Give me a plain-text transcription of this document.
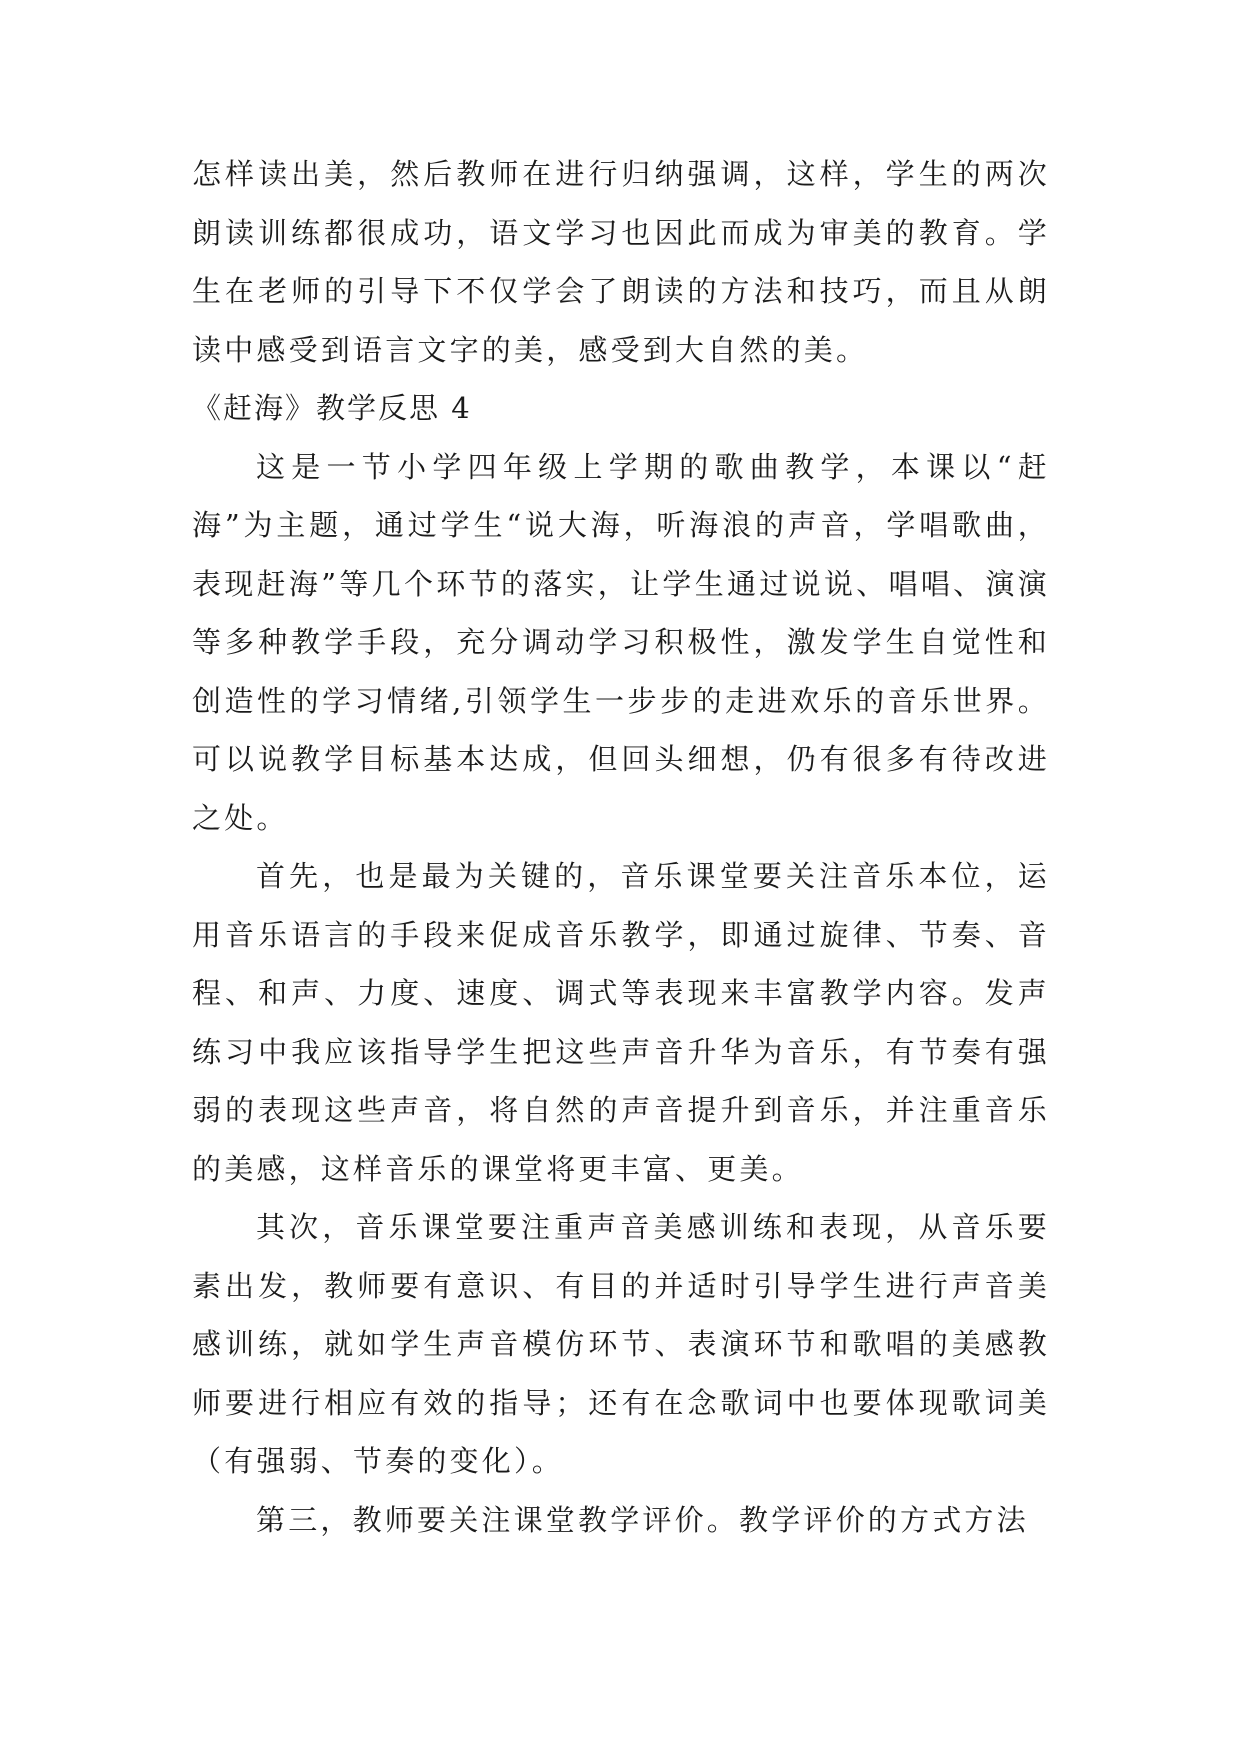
怎样读出美，然后教师在进行归纳强调，这样，学生的两次朗读训练都很成功，语文学习也因此而成为审美的教育。学生在老师的引导下不仅学会了朗读的方法和技巧，而且从朗读中感受到语言文字的美，感受到大自然的美。

《赶海》教学反思 4

这是一节小学四年级上学期的歌曲教学，本课以“赶海”为主题，通过学生“说大海，听海浪的声音，学唱歌曲，表现赶海”等几个环节的落实，让学生通过说说、唱唱、演演等多种教学手段，充分调动学习积极性，激发学生自觉性和创造性的学习情绪,引领学生一步步的走进欢乐的音乐世界。可以说教学目标基本达成，但回头细想，仍有很多有待改进之处。

首先，也是最为关键的，音乐课堂要关注音乐本位，运用音乐语言的手段来促成音乐教学，即通过旋律、节奏、音程、和声、力度、速度、调式等表现来丰富教学内容。发声练习中我应该指导学生把这些声音升华为音乐，有节奏有强弱的表现这些声音，将自然的声音提升到音乐，并注重音乐的美感，这样音乐的课堂将更丰富、更美。

其次，音乐课堂要注重声音美感训练和表现，从音乐要素出发，教师要有意识、有目的并适时引导学生进行声音美感训练，就如学生声音模仿环节、表演环节和歌唱的美感教师要进行相应有效的指导；还有在念歌词中也要体现歌词美（有强弱、节奏的变化）。

第三，教师要关注课堂教学评价。教学评价的方式方法
